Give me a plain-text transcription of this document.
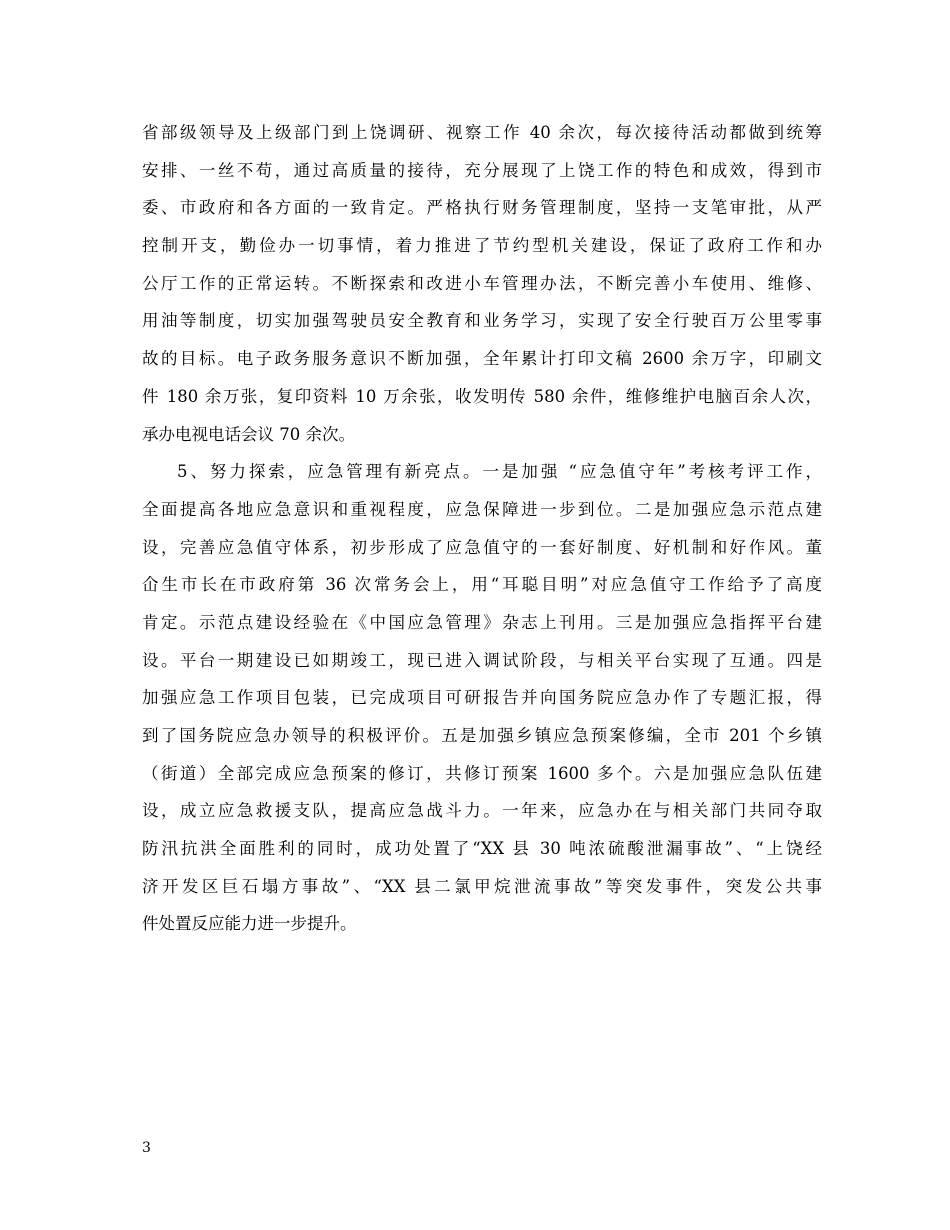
省部级领导及上级部门到上饶调研、视察工作 40 余次，每次接待活动都做到统筹
安排、一丝不苟，通过高质量的接待，充分展现了上饶工作的特色和成效，得到市
委、市政府和各方面的一致肯定。严格执行财务管理制度，坚持一支笔审批，从严
控制开支，勤俭办一切事情，着力推进了节约型机关建设，保证了政府工作和办
公厅工作的正常运转。不断探索和改进小车管理办法，不断完善小车使用、维修、
用油等制度，切实加强驾驶员安全教育和业务学习，实现了安全行驶百万公里零事
故的目标。电子政务服务意识不断加强，全年累计打印文稿 2600 余万字，印刷文
件 180 余万张，复印资料 10 万余张，收发明传 580 余件，维修维护电脑百余人次，
承办电视电话会议 70 余次。
5、努力探索，应急管理有新亮点。一是加强 “应急值守年”考核考评工作，
全面提高各地应急意识和重视程度，应急保障进一步到位。二是加强应急示范点建
设，完善应急值守体系，初步形成了应急值守的一套好制度、好机制和好作风。董
仚生市长在市政府第 36 次常务会上，用“耳聪目明”对应急值守工作给予了高度
肯定。示范点建设经验在《中国应急管理》杂志上刊用。三是加强应急指挥平台建
设。平台一期建设已如期竣工，现已进入调试阶段，与相关平台实现了互通。四是
加强应急工作项目包装，已完成项目可研报告并向国务院应急办作了专题汇报，得
到了国务院应急办领导的积极评价。五是加强乡镇应急预案修编，全市 201 个乡镇
（街道）全部完成应急预案的修订，共修订预案 1600 多个。六是加强应急队伍建
设，成立应急救援支队，提高应急战斗力。一年来，应急办在与相关部门共同夺取
防汛抗洪全面胜利的同时，成功处置了“XX 县 30 吨浓硫酸泄漏事故”、“上饶经
济开发区巨石塌方事故”、“XX 县二氯甲烷泄流事故”等突发事件，突发公共事
件处置反应能力进一步提升。
3
